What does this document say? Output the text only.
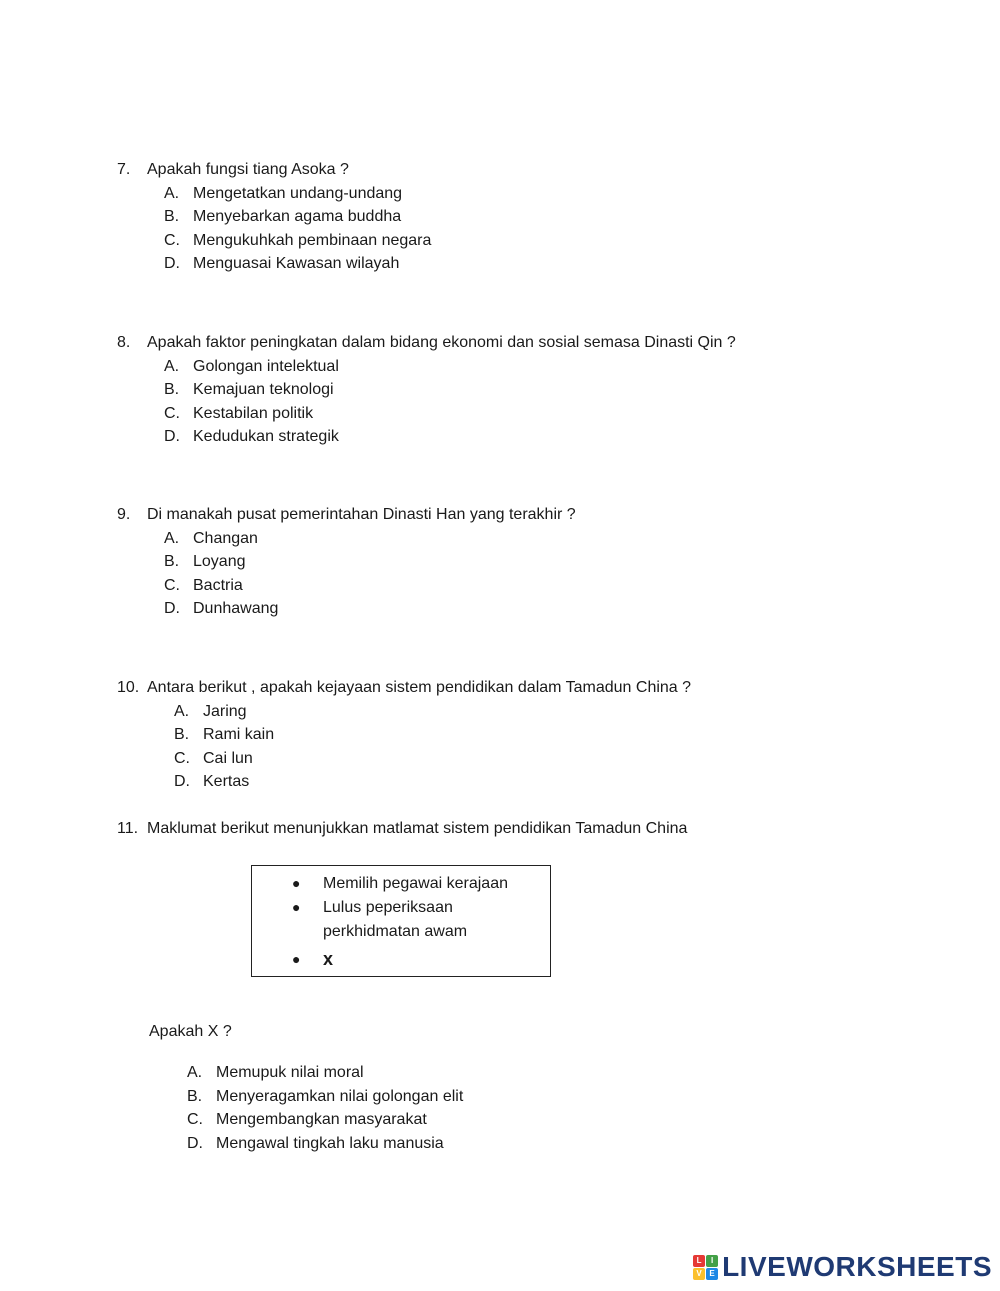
7.	Apakah fungsi tiang Asoka ?
A. Mengetatkan undang-undang
B. Menyebarkan agama buddha
C. Mengukuhkah pembinaan negara
D. Menguasai Kawasan wilayah
8.	Apakah faktor peningkatan dalam bidang ekonomi dan sosial semasa Dinasti Qin ?
A. Golongan intelektual
B. Kemajuan teknologi
C. Kestabilan politik
D. Kedudukan strategik
9.	Di manakah pusat pemerintahan Dinasti Han yang terakhir ?
A. Changan
B. Loyang
C. Bactria
D. Dunhawang
10. Antara berikut , apakah kejayaan sistem pendidikan dalam Tamadun China ?
A. Jaring
B. Rami kain
C. Cai lun
D. Kertas
11. Maklumat berikut menunjukkan matlamat sistem pendidikan Tamadun China
●	Memilih pegawai kerajaan
●	Lulus peperiksaan
perkhidmatan awam
●	x
Apakah X ?
A. Memupuk nilai moral
B. Menyeragamkan nilai golongan elit
C. Mengembangkan masyarakat
D. Mengawal tingkah laku manusia
L	I
V E LIVEWORKSHEETS
